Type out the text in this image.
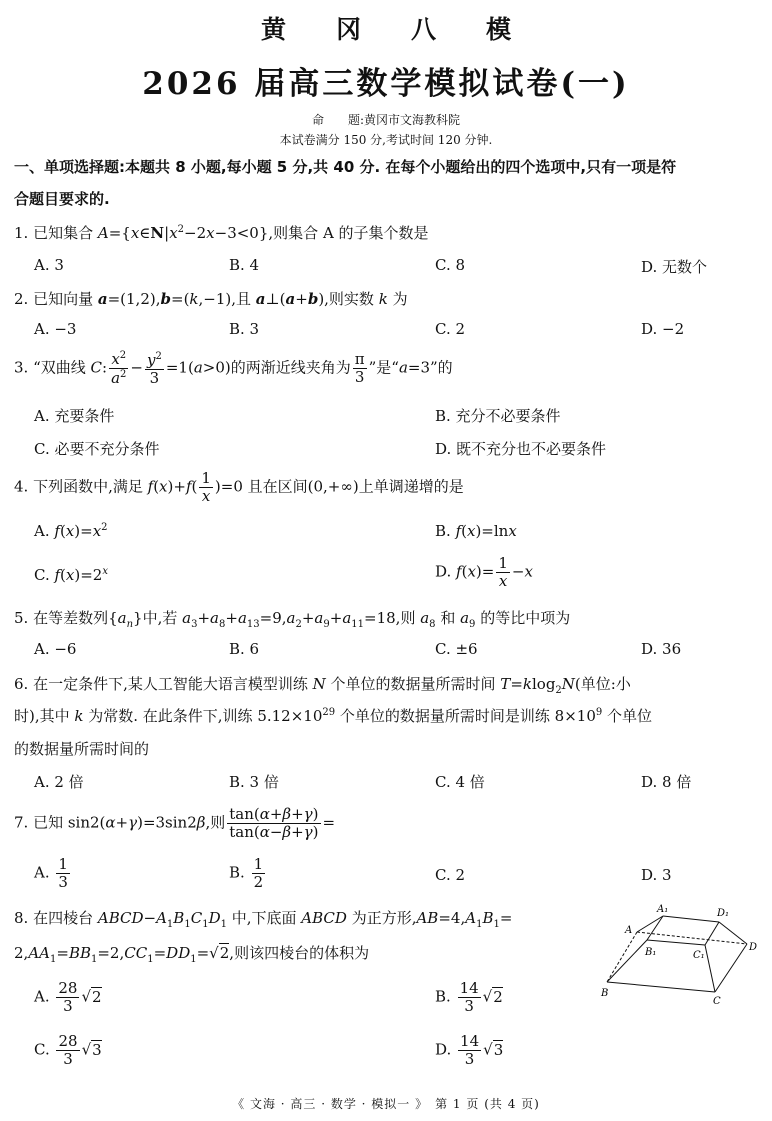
黄冈八模
2026 届高三数学模拟试卷(一)
命　　题:黄冈市文海教科院
本试卷满分 150 分,考试时间 120 分钟.
一、单项选择题:本题共 8 小题,每小题 5 分,共 40 分. 在每个小题给出的四个选项中,只有一项是符
合题目要求的.
1. 已知集合 $A=\{x\in N|x^2-2x-3<0\}$,则集合 A 的子集个数是
A. 3	B. 4	C. 8	D. 无数个
2. 已知向量 a=(1,2),b=(k,−1),且 a⊥(a+b),则实数 k 为
A. −3	B. 3	C. 2	D. −2
3. “双曲线 C: $\frac{x^2}{a^2} - \frac{y^2}{3} =1(a>0)$的两渐近线夹角为 $\frac{\pi}{3}$ ”是“a=3”的
A. 充要条件	B. 充分不必要条件
C. 必要不充分条件	D. 既不充分也不必要条件
4. 下列函数中,满足 $f(x)+f( \frac{1}{x} )=0$ 且在区间(0,+∞)上单调递增的是
A. $f(x)=x^2$	B. f(x)=lnx
C. $f(x)=2^x$	D. $f(x)= \frac{1}{x} -x$
5. 在等差数列$\{a_n\}$中,若 $a_3+a_8+a_{13}=9,a_2+a_9+a_{11}=18$,则 $a_8$ 和 $a_9$ 的等比中项为
A. −6	B. 6	C. ±6	D. 36
6. 在一定条件下,某人工智能大语言模型训练 N 个单位的数据量所需时间 T=klog$_2$N(单位:小
时),其中 k 为常数. 在此条件下,训练 $5.12\times 10^{29}$ 个单位的数据量所需时间是训练 $8\times 10^9$ 个单位
的数据量所需时间的
A. 2 倍	B. 3 倍	C. 4 倍	D. 8 倍
7. 已知 sin2(α+γ)=3sin2β,则 $\frac{\tan(\alpha+\beta+\gamma)}{\tan(\alpha-\beta+\gamma)}$ =
A. $\frac{1}{3}$	B. $\frac{1}{2}$	C. 2	D. 3
8. 在四棱台 $ABCD-A_1B_1C_1D_1$ 中,下底面 ABCD 为正方形$,AB=4,A_1B_1=$
$2,AA_1=BB_1=2,CC_1=DD_1=√2$,则该四棱台的体积为
A. $\frac{28}{3} √2$	B. $\frac{14}{3} √2$
C. $\frac{28}{3} √3$	D. $\frac{14}{3} √3$
A₁	D₁
A
D
B₁	C₁
B
C
《 文海 · 高三 · 数学 · 模拟一 》　第 1 页 (共 4 页)
